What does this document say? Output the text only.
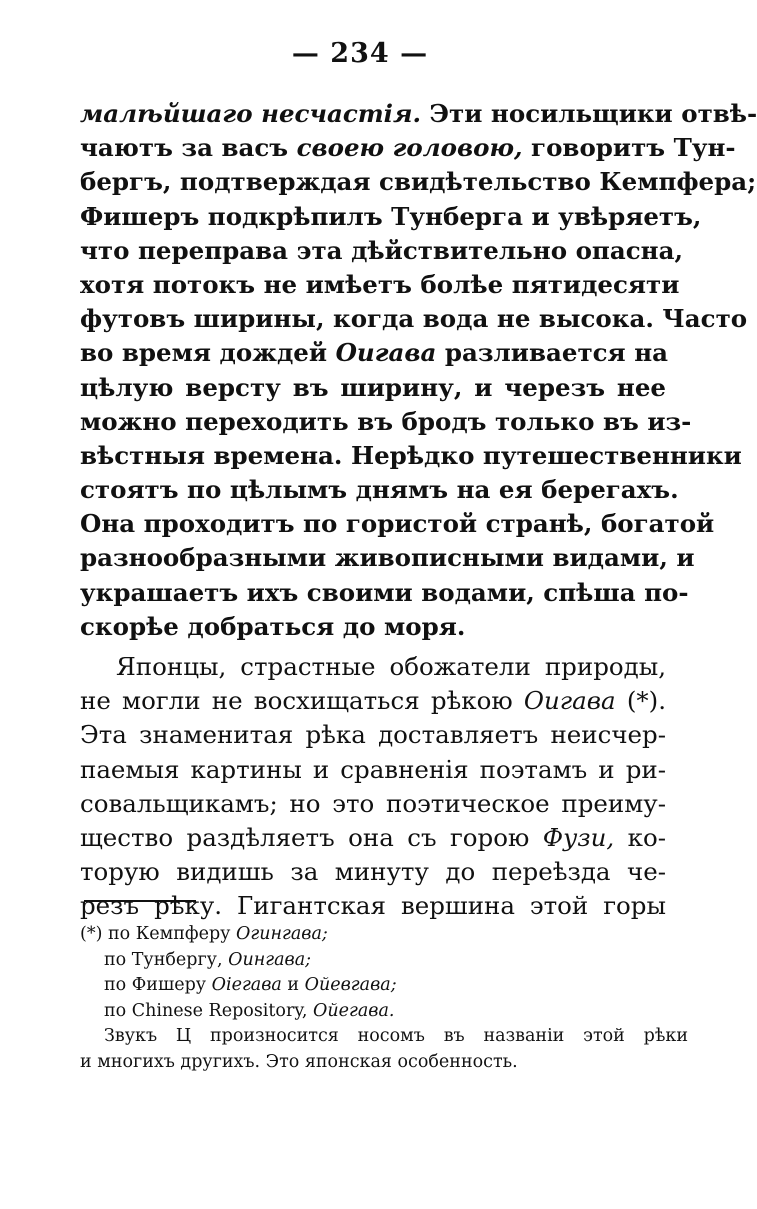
— 234 —
малѣйшаго несчастія. Эти носильщики отвѣ-
чаютъ за васъ своею головою, говоритъ Тун-
бергъ, подтверждая свидѣтельство Кемпфера;
Фишеръ подкрѣпилъ Тунберга и увѣряетъ,
что переправа эта дѣйствительно опасна,
хотя потокъ не имѣетъ болѣе пятидесяти
футовъ ширины, когда вода не высока. Часто
во время дождей Оигава разливается на
цѣлую версту въ ширину, и черезъ нее
можно переходить въ бродъ только въ из-
вѣстныя времена. Нерѣдко путешественники
стоятъ по цѣлымъ днямъ на ея берегахъ.
Она проходитъ по гористой странѣ, богатой
разнообразными живописными видами, и
украшаетъ ихъ своими водами, спѣша по-
скорѣе добраться до моря.
Японцы, страстные обожатели природы,
не могли не восхищаться рѣкою Оигава (*).
Эта знаменитая рѣка доставляетъ неисчер-
паемыя картины и сравненія поэтамъ и ри-
совальщикамъ; но это поэтическое преиму-
щество раздѣляетъ она съ горою Фузи, ко-
торую видишь за минуту до переѣзда че-
резъ рѣку. Гигантская вершина этой горы
(*) по Кемпферу Огингава;
по Тунбергу, Оингава;
по Фишеру Оіегава и Ойевгава;
по Chinese Repository, Ойегава.
Звукъ Ц произносится носомъ въ названіи этой рѣки
и многихъ другихъ. Это японская особенность.
